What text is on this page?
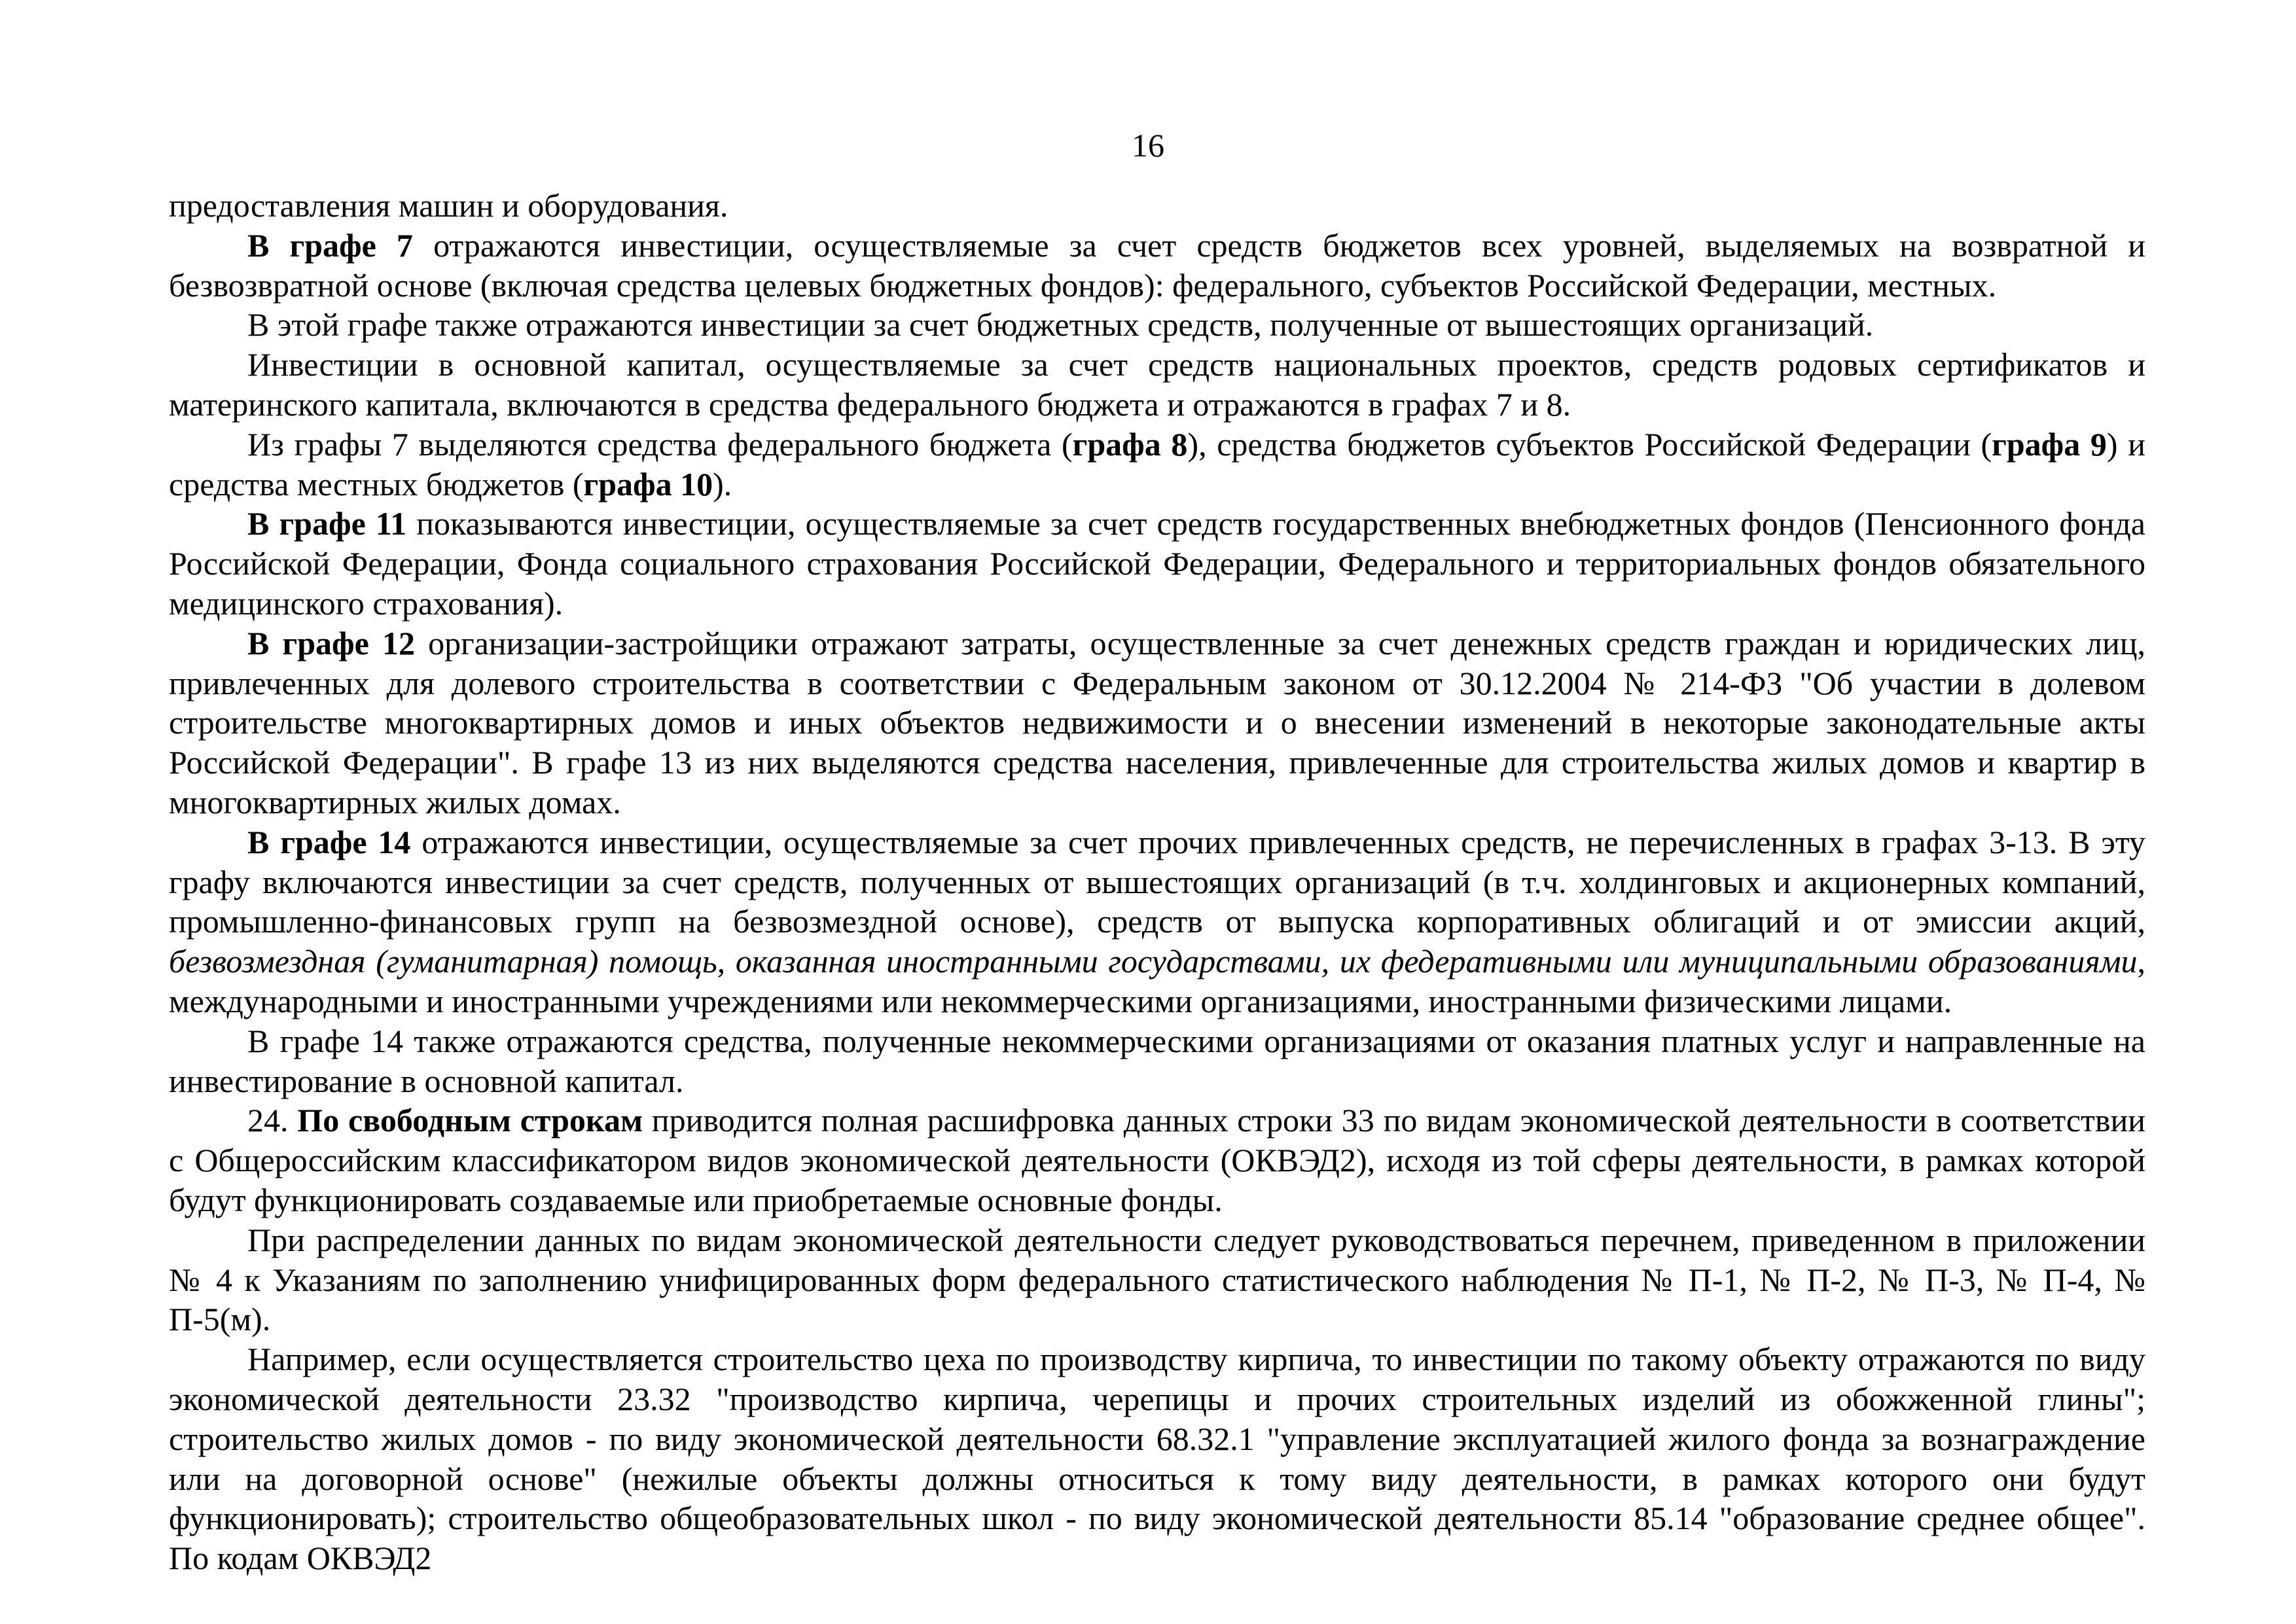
16

предоставления машин и оборудования.

В графе 7 отражаются инвестиции, осуществляемые за счет средств бюджетов всех уровней, выделяемых на возвратной и безвозвратной основе (включая средства целевых бюджетных фондов): федерального, субъектов Российской Федерации, местных.

В этой графе также отражаются инвестиции за счет бюджетных средств, полученные от вышестоящих организаций.

Инвестиции в основной капитал, осуществляемые за счет средств национальных проектов, средств родовых сертификатов и материнского капитала, включаются в средства федерального бюджета и отражаются в графах 7 и 8.

Из графы 7 выделяются средства федерального бюджета (графа 8), средства бюджетов субъектов Российской Федерации (графа 9) и средства местных бюджетов (графа 10).

В графе 11 показываются инвестиции, осуществляемые за счет средств государственных внебюджетных фондов (Пенсионного фонда Российской Федерации, Фонда социального страхования Российской Федерации, Федерального и территориальных фондов обязательного медицинского страхования).

В графе 12 организации-застройщики отражают затраты, осуществленные за счет денежных средств граждан и юридических лиц, привлеченных для долевого строительства в соответствии с Федеральным законом от 30.12.2004 № 214-ФЗ "Об участии в долевом строительстве многоквартирных домов и иных объектов недвижимости и о внесении изменений в некоторые законодательные акты Российской Федерации". В графе 13 из них выделяются средства населения, привлеченные для строительства жилых домов и квартир в многоквартирных жилых домах.

В графе 14 отражаются инвестиции, осуществляемые за счет прочих привлеченных средств, не перечисленных в графах 3-13. В эту графу включаются инвестиции за счет средств, полученных от вышестоящих организаций (в т.ч. холдинговых и акционерных компаний, промышленно-финансовых групп на безвозмездной основе), средств от выпуска корпоративных облигаций и от эмиссии акций, безвозмездная (гуманитарная) помощь, оказанная иностранными государствами, их федеративными или муниципальными образованиями, международными и иностранными учреждениями или некоммерческими организациями, иностранными физическими лицами.

В графе 14 также отражаются средства, полученные некоммерческими организациями от оказания платных услуг и направленные на инвестирование в основной капитал.

24. По свободным строкам приводится полная расшифровка данных строки 33 по видам экономической деятельности в соответствии с Общероссийским классификатором видов экономической деятельности (ОКВЭД2), исходя из той сферы деятельности, в рамках которой будут функционировать создаваемые или приобретаемые основные фонды.

При распределении данных по видам экономической деятельности следует руководствоваться перечнем, приведенном в приложении № 4 к Указаниям по заполнению унифицированных форм федерального статистического наблюдения № П-1, № П-2, № П-3, № П-4, № П-5(м).

Например, если осуществляется строительство цеха по производству кирпича, то инвестиции по такому объекту отражаются по виду экономической деятельности 23.32 "производство кирпича, черепицы и прочих строительных изделий из обожженной глины"; строительство жилых домов - по виду экономической деятельности 68.32.1 "управление эксплуатацией жилого фонда за вознаграждение или на договорной основе" (нежилые объекты должны относиться к тому виду деятельности, в рамках которого они будут функционировать); строительство общеобразовательных школ - по виду экономической деятельности 85.14 "образование среднее общее". По кодам ОКВЭД2
